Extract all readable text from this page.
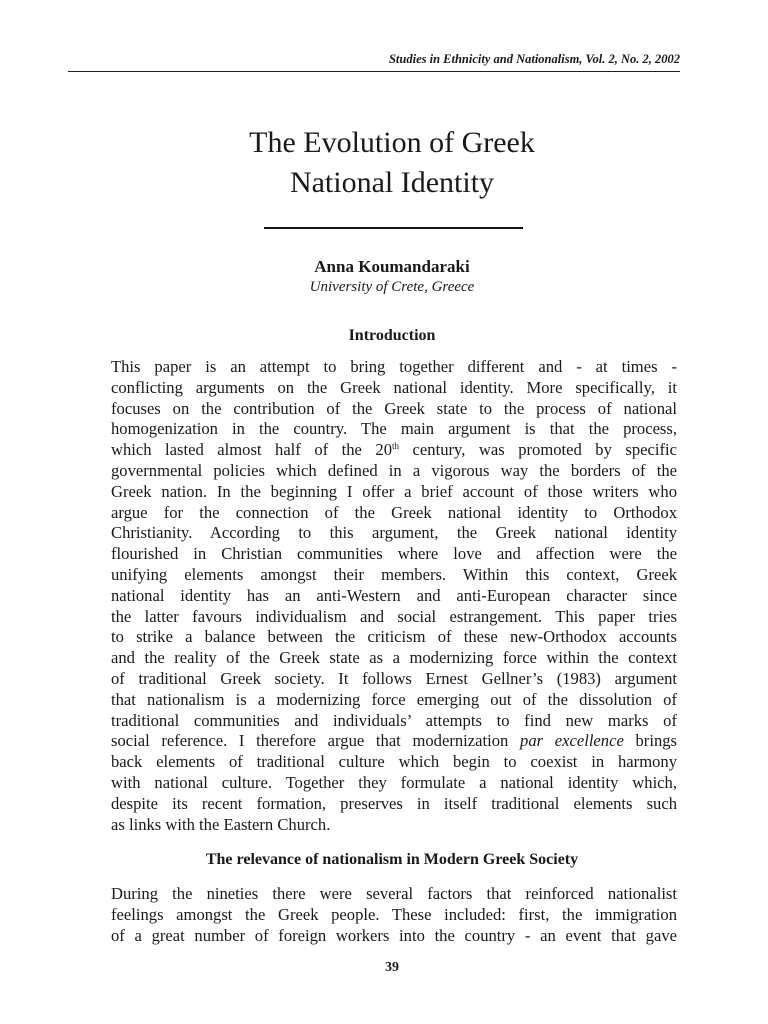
Studies in Ethnicity and Nationalism, Vol. 2, No. 2, 2002
The Evolution of Greek
National Identity
Anna Koumandaraki
University of Crete, Greece
Introduction
This paper is an attempt to bring together different and - at times -
conflicting arguments on the Greek national identity. More specifically, it
focuses on the contribution of the Greek state to the process of national
homogenization in the country. The main argument is that the process,
which lasted almost half of the 20th century, was promoted by specific
governmental policies which defined in a vigorous way the borders of the
Greek nation. In the beginning I offer a brief account of those writers who
argue for the connection of the Greek national identity to Orthodox
Christianity. According to this argument, the Greek national identity
flourished in Christian communities where love and affection were the
unifying elements amongst their members. Within this context, Greek
national identity has an anti-Western and anti-European character since
the latter favours individualism and social estrangement. This paper tries
to strike a balance between the criticism of these new-Orthodox accounts
and the reality of the Greek state as a modernizing force within the context
of traditional Greek society. It follows Ernest Gellner’s (1983) argument
that nationalism is a modernizing force emerging out of the dissolution of
traditional communities and individuals’ attempts to find new marks of
social reference. I therefore argue that modernization par excellence brings
back elements of traditional culture which begin to coexist in harmony
with national culture. Together they formulate a national identity which,
despite its recent formation, preserves in itself traditional elements such
as links with the Eastern Church.
The relevance of nationalism in Modern Greek Society
During the nineties there were several factors that reinforced nationalist
feelings amongst the Greek people. These included: first, the immigration
of a great number of foreign workers into the country - an event that gave
39
